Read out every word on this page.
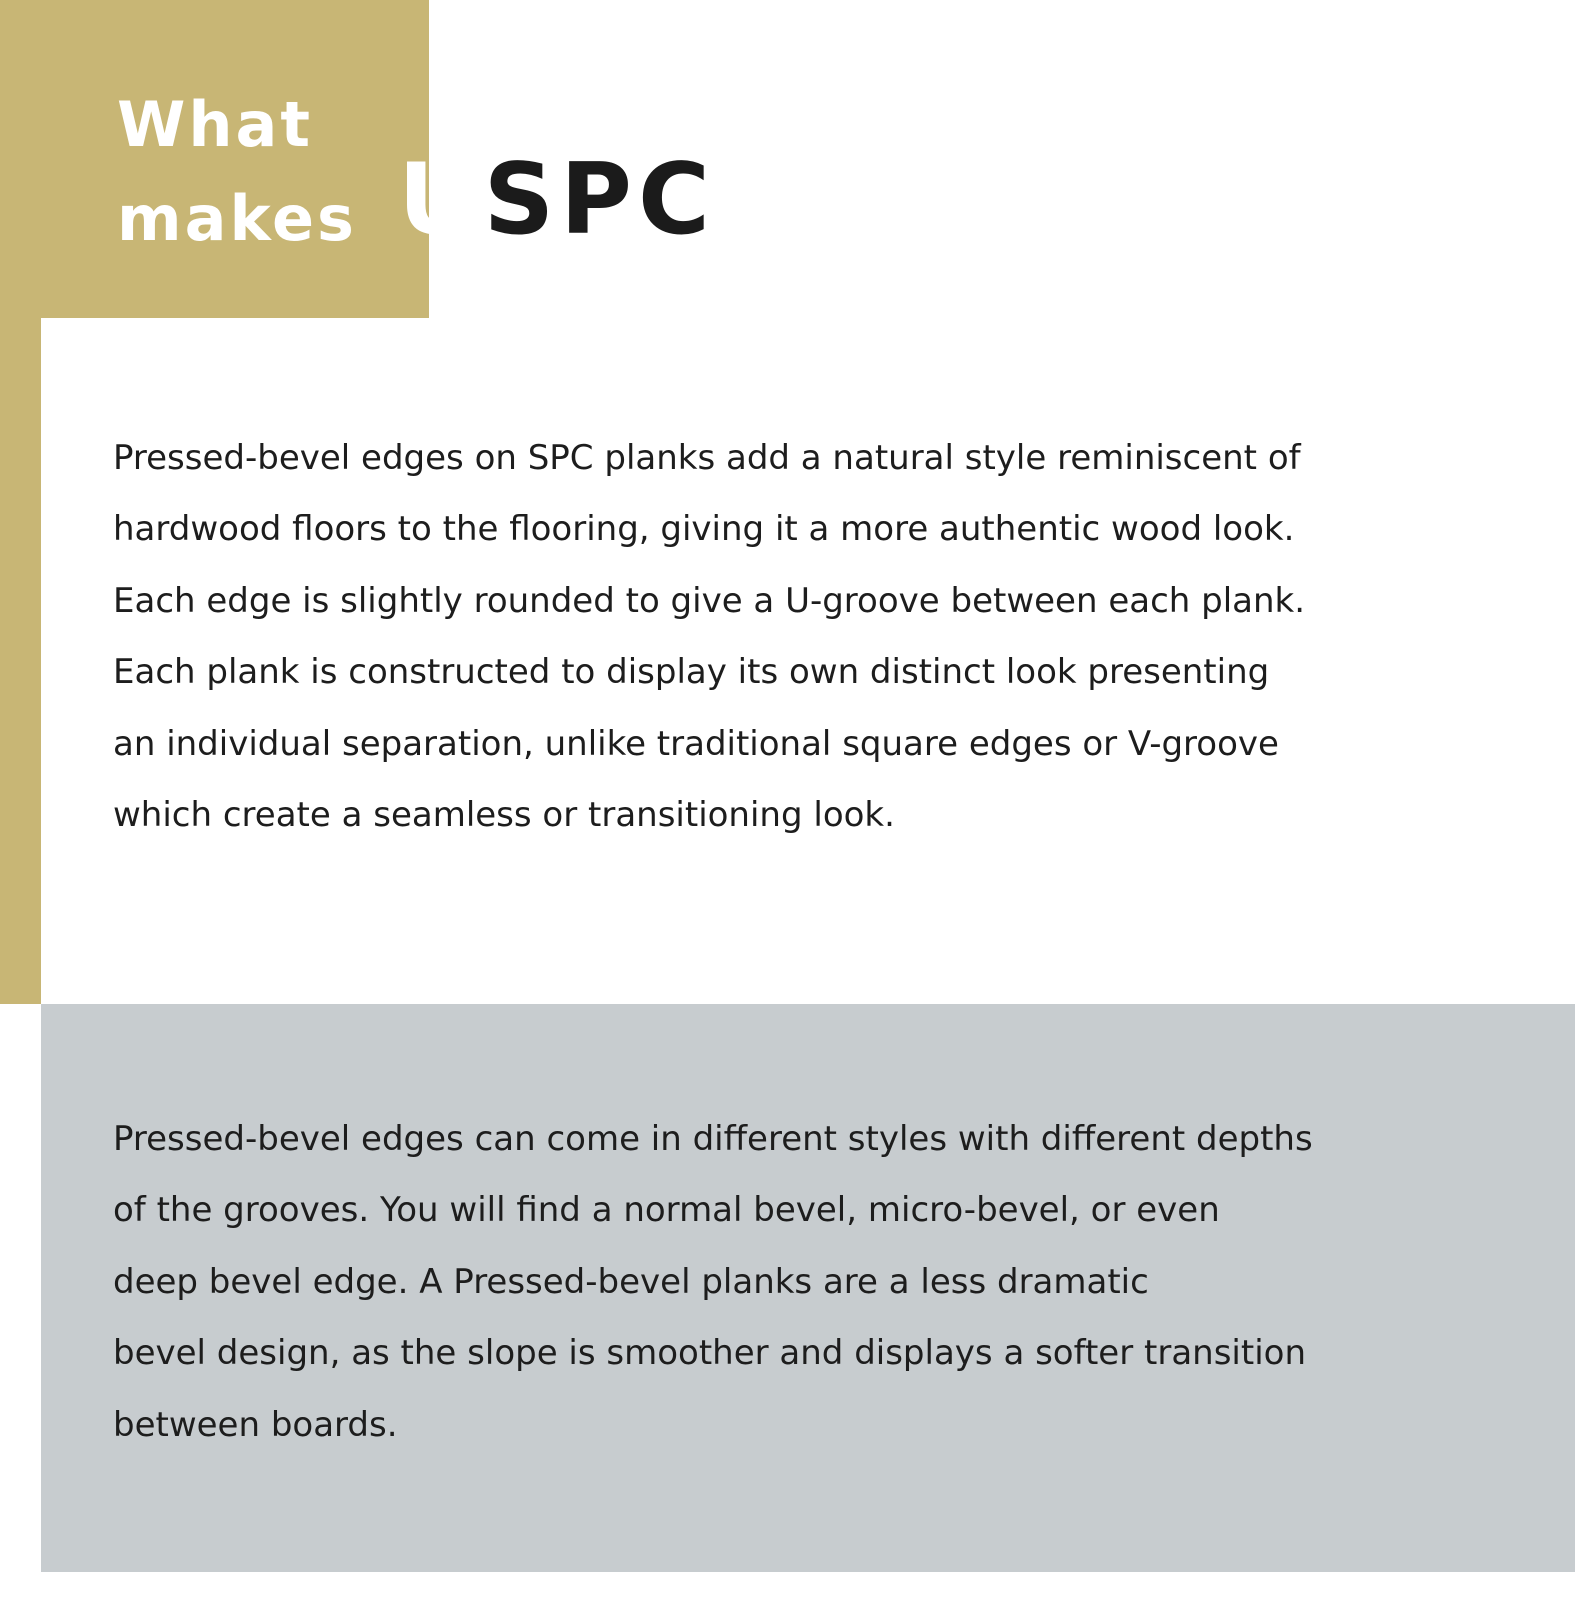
What
makes USPC

Pressed-bevel edges on SPC planks add a natural style reminiscent of
hardwood floors to the flooring, giving it a more authentic wood look.
Each edge is slightly rounded to give a U-groove between each plank.
Each plank is constructed to display its own distinct look presenting
an individual separation, unlike traditional square edges or V-groove
which create a seamless or transitioning look.

Pressed-bevel edges can come in different styles with different depths
of the grooves. You will find a normal bevel, micro-bevel, or even
deep bevel edge. A Pressed-bevel planks are a less dramatic
bevel design, as the slope is smoother and displays a softer transition
between boards.
